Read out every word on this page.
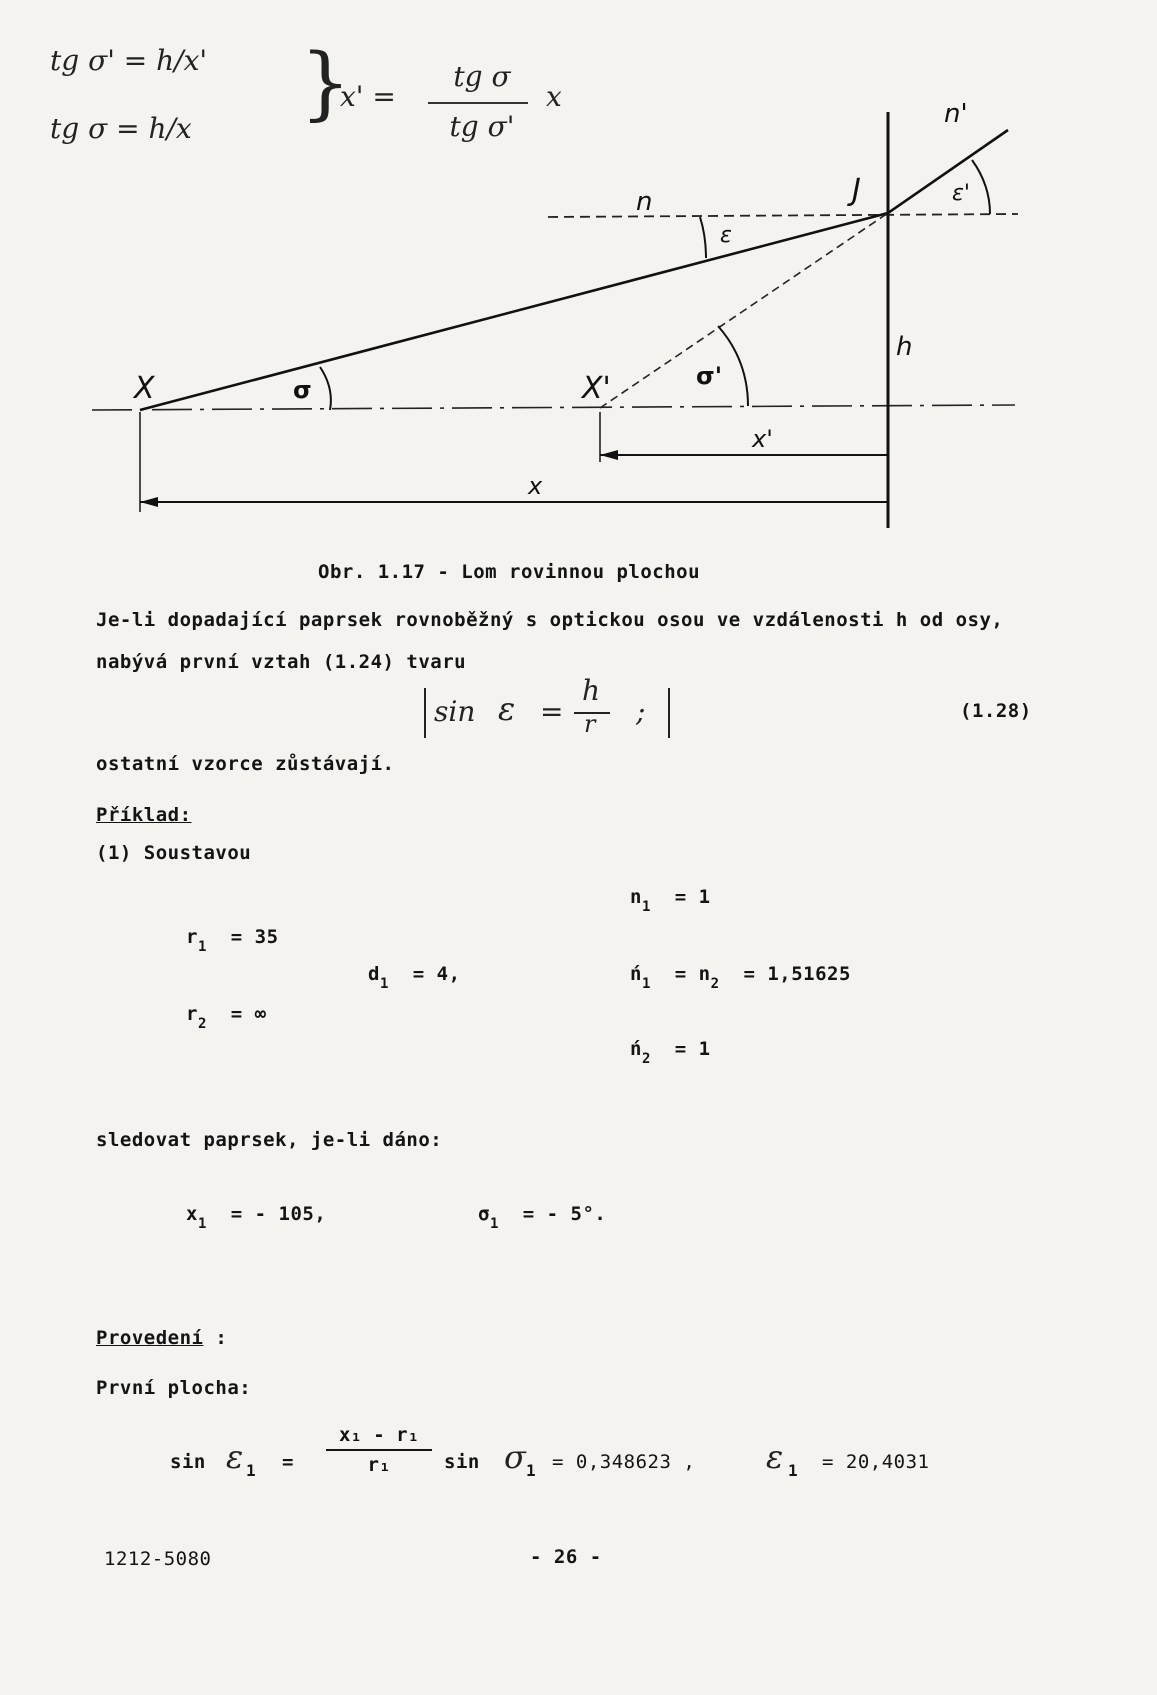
tg σ' = h/x'
tg σ = h/x }
x' =
tg σ
tg σ'
x
X	X'
J
n
n'
ε
ε'
σ	σ'
h
x'
x
Obr. 1.17 - Lom rovinnou plochou
Je-li dopadající paprsek rovnoběžný s optickou osou ve vzdálenosti h od osy,
nabývá první vztah (1.24) tvaru
sin ε =
h
r ;	(1.28)
ostatní vzorce zůstávají.
Příklad:
(1) Soustavou
$r_1 = 35$
$r_2$ = ∞
$d_1 = 4$,
$n_1 = 1$
$ń_1 = n_2 = 1,51625$
$ń_2 = 1$
sledovat paprsek, je-li dáno:
$x_1$ = - 105,	$\sigma_1$ = - 5°.
Provedení :
První plocha:
sin ε 1 =
x₁ - r₁
r₁	sin σ 1 = 0,348623 , ε 1 = 20,4031
1212-5080	- 26 -
